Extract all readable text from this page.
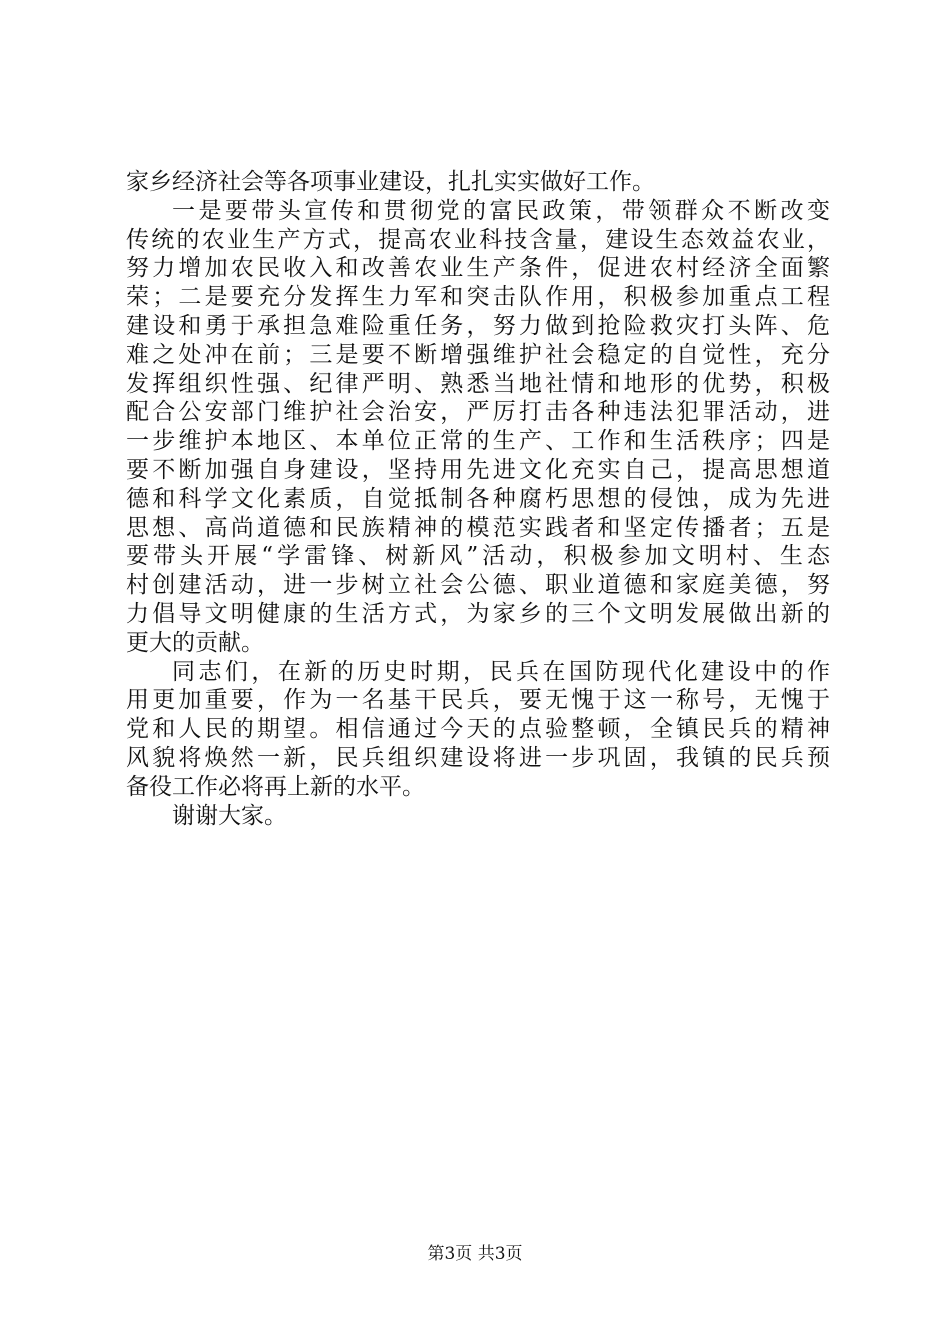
家乡经济社会等各项事业建设，扎扎实实做好工作。
一是要带头宣传和贯彻党的富民政策，带领群众不断改变
传统的农业生产方式，提高农业科技含量，建设生态效益农业，
努力增加农民收入和改善农业生产条件，促进农村经济全面繁
荣；二是要充分发挥生力军和突击队作用，积极参加重点工程
建设和勇于承担急难险重任务，努力做到抢险救灾打头阵、危
难之处冲在前；三是要不断增强维护社会稳定的自觉性，充分
发挥组织性强、纪律严明、熟悉当地社情和地形的优势，积极
配合公安部门维护社会治安，严厉打击各种违法犯罪活动，进
一步维护本地区、本单位正常的生产、工作和生活秩序；四是
要不断加强自身建设，坚持用先进文化充实自己，提高思想道
德和科学文化素质，自觉抵制各种腐朽思想的侵蚀，成为先进
思想、高尚道德和民族精神的模范实践者和坚定传播者；五是
要带头开展“学雷锋、树新风”活动，积极参加文明村、生态
村创建活动，进一步树立社会公德、职业道德和家庭美德，努
力倡导文明健康的生活方式，为家乡的三个文明发展做出新的
更大的贡献。
同志们，在新的历史时期，民兵在国防现代化建设中的作
用更加重要，作为一名基干民兵，要无愧于这一称号，无愧于
党和人民的期望。相信通过今天的点验整顿，全镇民兵的精神
风貌将焕然一新，民兵组织建设将进一步巩固，我镇的民兵预
备役工作必将再上新的水平。
谢谢大家。
第3页 共3页
